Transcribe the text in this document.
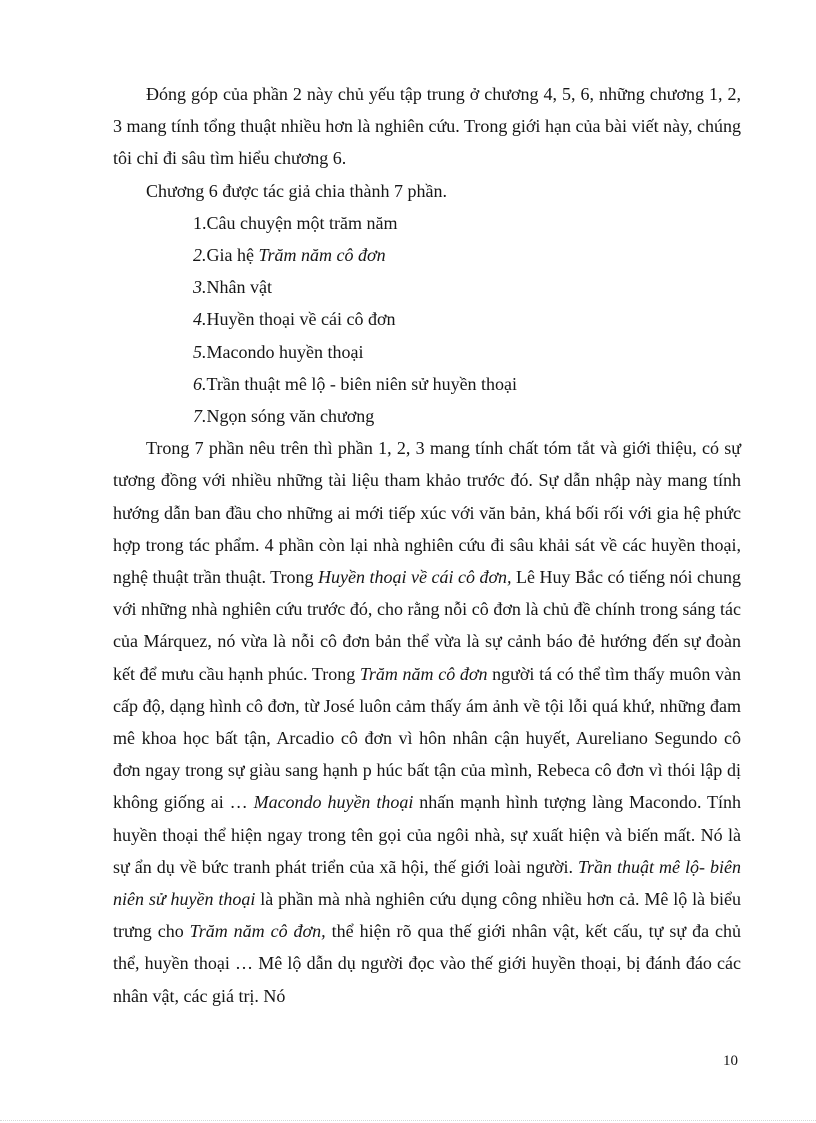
Đóng góp của phần 2 này chủ yếu tập trung ở chương 4, 5, 6, những chương 1, 2, 3 mang tính tổng thuật nhiều hơn là nghiên cứu. Trong giới hạn của bài viết này, chúng tôi chỉ đi sâu tìm hiểu chương 6.

Chương 6 được tác giả chia thành 7 phần.

1.Câu chuyện một trăm năm
2.Gia hệ Trăm năm cô đơn
3.Nhân vật
4.Huyền thoại về cái cô đơn
5.Macondo huyền thoại
6.Trần thuật mê lộ - biên niên sử huyền thoại
7.Ngọn sóng văn chương

Trong 7 phần nêu trên thì phần 1, 2, 3 mang tính chất tóm tắt và giới thiệu, có sự tương đồng với nhiều những tài liệu tham khảo trước đó. Sự dẫn nhập này mang tính hướng dẫn ban đầu cho những ai mới tiếp xúc với văn bản, khá bối rối với gia hệ phức hợp trong tác phẩm. 4 phần còn lại nhà nghiên cứu đi sâu khải sát về các huyền thoại, nghệ thuật trần thuật. Trong Huyền thoại về cái cô đơn, Lê Huy Bắc có tiếng nói chung với những nhà nghiên cứu trước đó, cho rằng nỗi cô đơn là chủ đề chính trong sáng tác của Márquez, nó vừa là nỗi cô đơn bản thể vừa là sự cảnh báo đẻ hướng đến sự đoàn kết để mưu cầu hạnh phúc. Trong Trăm năm cô đơn người tá có thể tìm thấy muôn vàn cấp độ, dạng hình cô đơn, từ José luôn cảm thấy ám ảnh về tội lỗi quá khứ, những đam mê khoa học bất tận, Arcadio cô đơn vì hôn nhân cận huyết, Aureliano Segundo cô đơn ngay trong sự giàu sang hạnh p húc bất tận của mình, Rebeca cô đơn vì thói lập dị không giống ai … Macondo huyền thoại nhấn mạnh hình tượng làng Macondo. Tính huyền thoại thể hiện ngay trong tên gọi của ngôi nhà, sự xuất hiện và biến mất. Nó là sự ẩn dụ về bức tranh phát triển của xã hội, thế giới loài người. Trần thuật mê lộ- biên niên sử huyền thoại là phần mà nhà nghiên cứu dụng công nhiều hơn cả. Mê lộ là biểu trưng cho Trăm năm cô đơn, thể hiện rõ qua thế giới nhân vật, kết cấu, tự sự đa chủ thể, huyền thoại … Mê lộ dẫn dụ người đọc vào thế giới huyền thoại, bị đánh đáo các nhân vật, các giá trị. Nó

10
